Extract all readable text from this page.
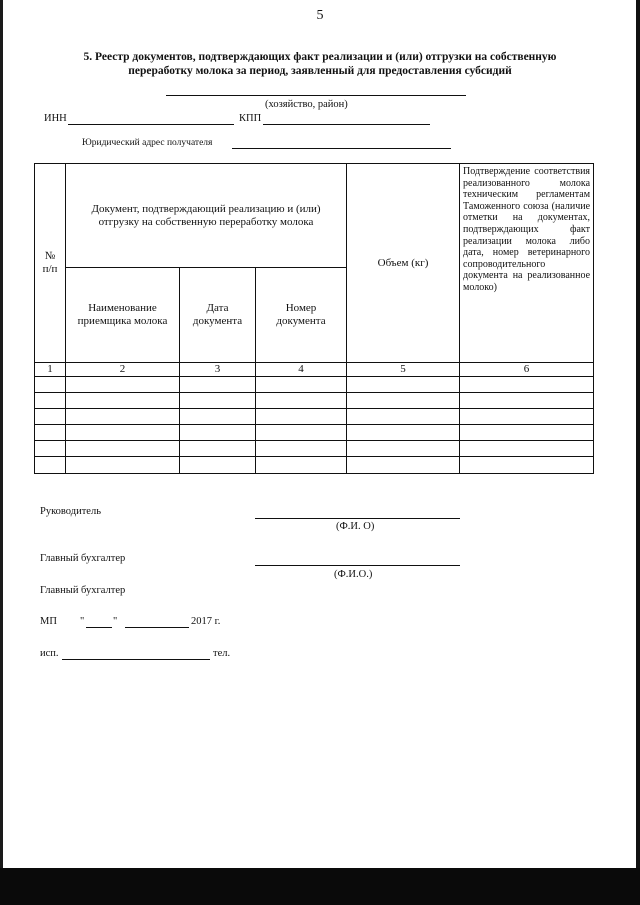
5
5. Реестр документов, подтверждающих факт реализации и (или) отгрузки на собственную
переработку молока за период, заявленный для предоставления субсидий
(хозяйство, район)
ИНН	КПП
Юридический адрес получателя
№
п/п	Документ, подтверждающий реализацию и (или) отгрузку на собственную переработку молока			Объем (кг)	Подтверждение соответствия реализованного молока техническим регламентам Таможенного союза (наличие отметки на документах, подтверждающих факт реализации молока либо дата, номер ветеринарного сопроводительного документа на реализованное молоко)
	Наименование приемщика молока	Дата документа	Номер документа		
1	2	3	4	5	6

Руководитель
(Ф.И. О)
Главный бухгалтер
(Ф.И.О.)
Главный бухгалтер
МП "	"	2017 г.
исп.	тел.
